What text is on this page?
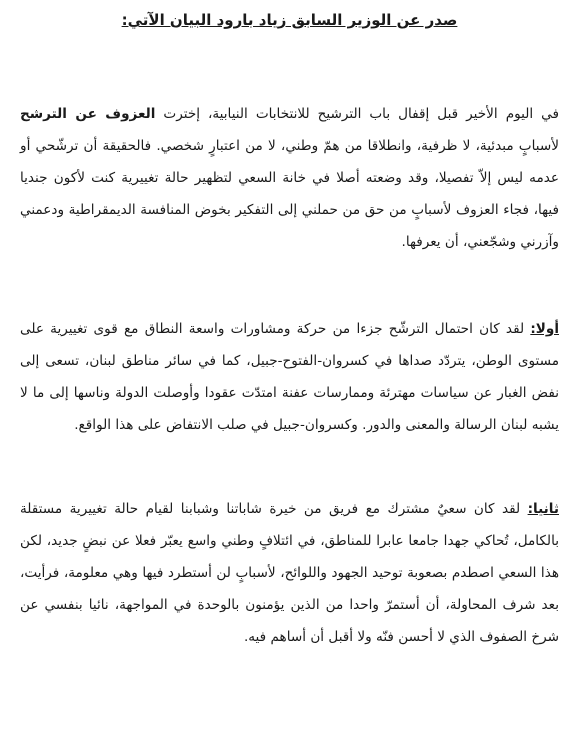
صدر عن الوزير السابق زياد بارود البيان الآتي:

في اليوم الأخير قبل إقفال باب الترشيح للانتخابات النيابية، إخترت العزوف عن الترشح لأسبابٍ مبدئية، لا ظرفية، وانطلاقا من همّ وطني، لا من اعتبارٍ شخصي. فالحقيقة أن ترشّحي أو عدمه ليس إلاّ تفصيلا، وقد وضعته أصلا في خانة السعي لتظهير حالة تغييرية كنت لأكون جنديا فيها، فجاء العزوف لأسبابٍ من حق من حملني إلى التفكير بخوض المنافسة الديمقراطية ودعمني وآزرني وشجّعني، أن يعرفها.

أولا: لقد كان احتمال الترشّح جزءا من حركة ومشاورات واسعة النطاق مع قوى تغييرية على مستوى الوطن، يتردّد صداها في كسروان-الفتوح-جبيل، كما في سائر مناطق لبنان، تسعى إلى نفض الغبار عن سياسات مهترئة وممارسات عفنة امتدّت عقودا وأوصلت الدولة وناسها إلى ما لا يشبه لبنان الرسالة والمعنى والدور. وكسروان-جبيل في صلب الانتفاض على هذا الواقع.

ثانيا: لقد كان سعيٌ مشترك مع فريق من خيرة شاباتنا وشبابنا لقيام حالة تغييرية مستقلة بالكامل، تُحاكي جهدا جامعا عابرا للمناطق، في ائتلافٍ وطني واسع يعبّر فعلا عن نبضٍ جديد، لكن هذا السعي اصطدم بصعوبة توحيد الجهود واللوائح، لأسبابٍ لن أستطرد فيها وهي معلومة، فرأيت، بعد شرف المحاولة، أن أستمرّ واحدا من الذين يؤمنون بالوحدة في المواجهة، نائيا بنفسي عن شرخ الصفوف الذي لا أحسن فنّه ولا أقبل أن أساهم فيه.
